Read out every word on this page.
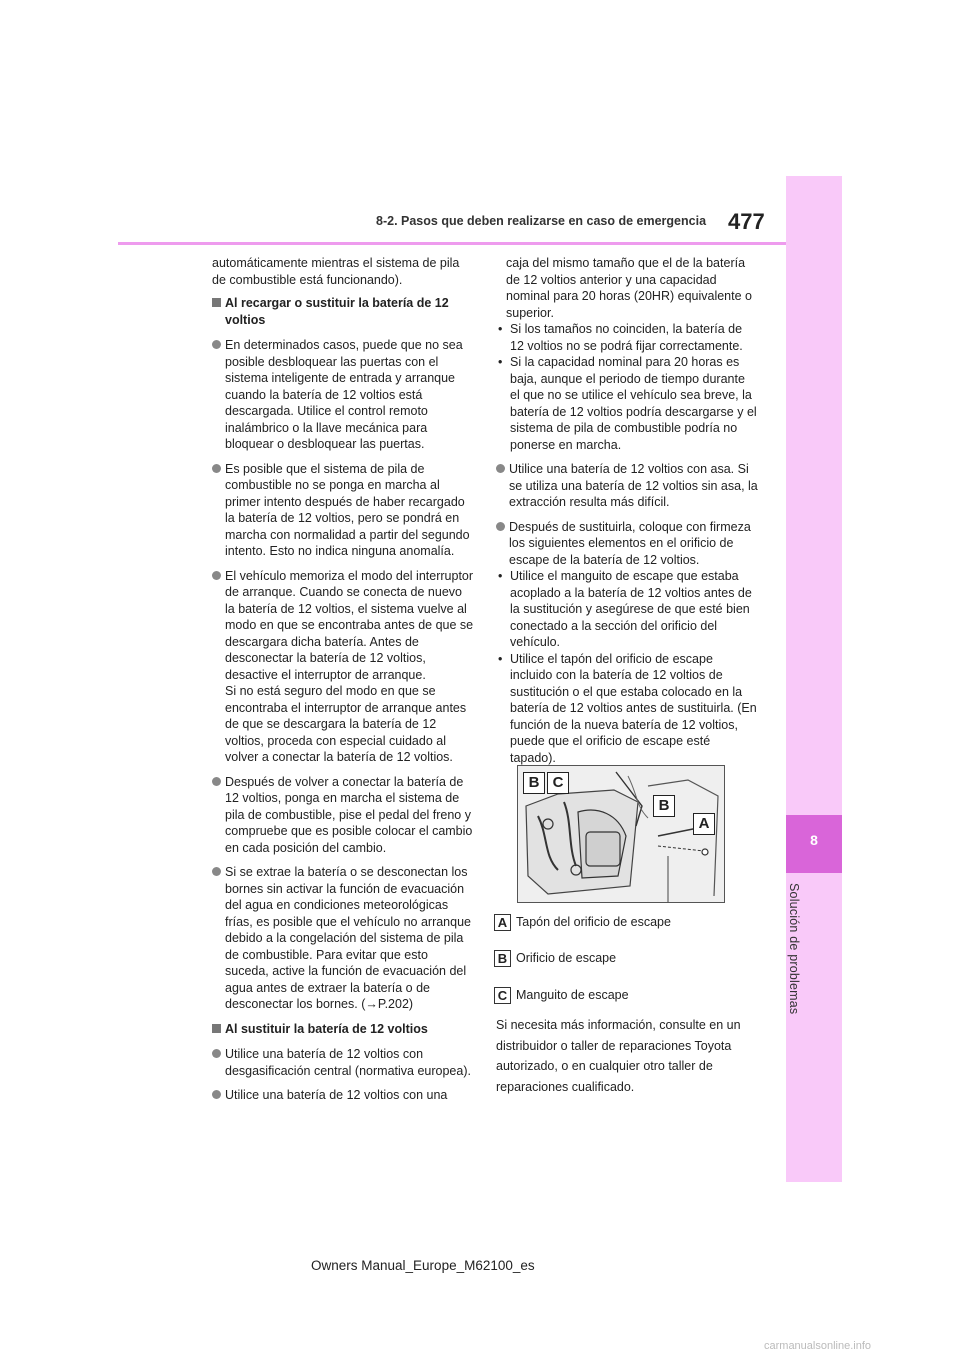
8-2. Pasos que deben realizarse en caso de emergencia 477
8
Solución de problemas

automáticamente mientras el sistema de pila de combustible está funcionando).

Al recargar o sustituir la batería de 12 voltios
En determinados casos, puede que no sea posible desbloquear las puertas con el sistema inteligente de entrada y arranque cuando la batería de 12 voltios está descargada. Utilice el control remoto inalámbrico o la llave mecánica para bloquear o desbloquear las puertas.
Es posible que el sistema de pila de combustible no se ponga en marcha al primer intento después de haber recargado la batería de 12 voltios, pero se pondrá en marcha con normalidad a partir del segundo intento. Esto no indica ninguna anomalía.
El vehículo memoriza el modo del interruptor de arranque. Cuando se conecta de nuevo la batería de 12 voltios, el sistema vuelve al modo en que se encontraba antes de que se descargara dicha batería. Antes de desconectar la batería de 12 voltios, desactive el interruptor de arranque.
Si no está seguro del modo en que se encontraba el interruptor de arranque antes de que se descargara la batería de 12 voltios, proceda con especial cuidado al volver a conectar la batería de 12 voltios.
Después de volver a conectar la batería de 12 voltios, ponga en marcha el sistema de pila de combustible, pise el pedal del freno y compruebe que es posible colocar el cambio en cada posición del cambio.
Si se extrae la batería o se desconectan los bornes sin activar la función de evacuación del agua en condiciones meteorológicas frías, es posible que el vehículo no arranque debido a la congelación del sistema de pila de combustible. Para evitar que esto suceda, active la función de evacuación del agua antes de extraer la batería o de desconectar los bornes. (→P.202)
Al sustituir la batería de 12 voltios
Utilice una batería de 12 voltios con desgasificación central (normativa europea).
Utilice una batería de 12 voltios con una

caja del mismo tamaño que el de la batería de 12 voltios anterior y una capacidad nominal para 20 horas (20HR) equivalente o superior.

• Si los tamaños no coinciden, la batería de 12 voltios no se podrá fijar correctamente.
• Si la capacidad nominal para 20 horas es baja, aunque el periodo de tiempo durante el que no se utilice el vehículo sea breve, la batería de 12 voltios podría descargarse y el sistema de pila de combustible podría no ponerse en marcha.
Utilice una batería de 12 voltios con asa. Si se utiliza una batería de 12 voltios sin asa, la extracción resulta más difícil.
Después de sustituirla, coloque con firmeza los siguientes elementos en el orificio de escape de la batería de 12 voltios.
• Utilice el manguito de escape que estaba acoplado a la batería de 12 voltios antes de la sustitución y asegúrese de que esté bien conectado a la sección del orificio del vehículo.
• Utilice el tapón del orificio de escape incluido con la batería de 12 voltios de sustitución o el que estaba colocado en la batería de 12 voltios antes de sustituirla. (En función de la nueva batería de 12 voltios, puede que el orificio de escape esté tapado).
B C
B
A
A Tapón del orificio de escape
B Orificio de escape
C Manguito de escape
Si necesita más información, consulte en un distribuidor o taller de reparaciones Toyota autorizado, o en cualquier otro taller de reparaciones cualificado.
Owners Manual_Europe_M62100_es
carmanualsonline.info
